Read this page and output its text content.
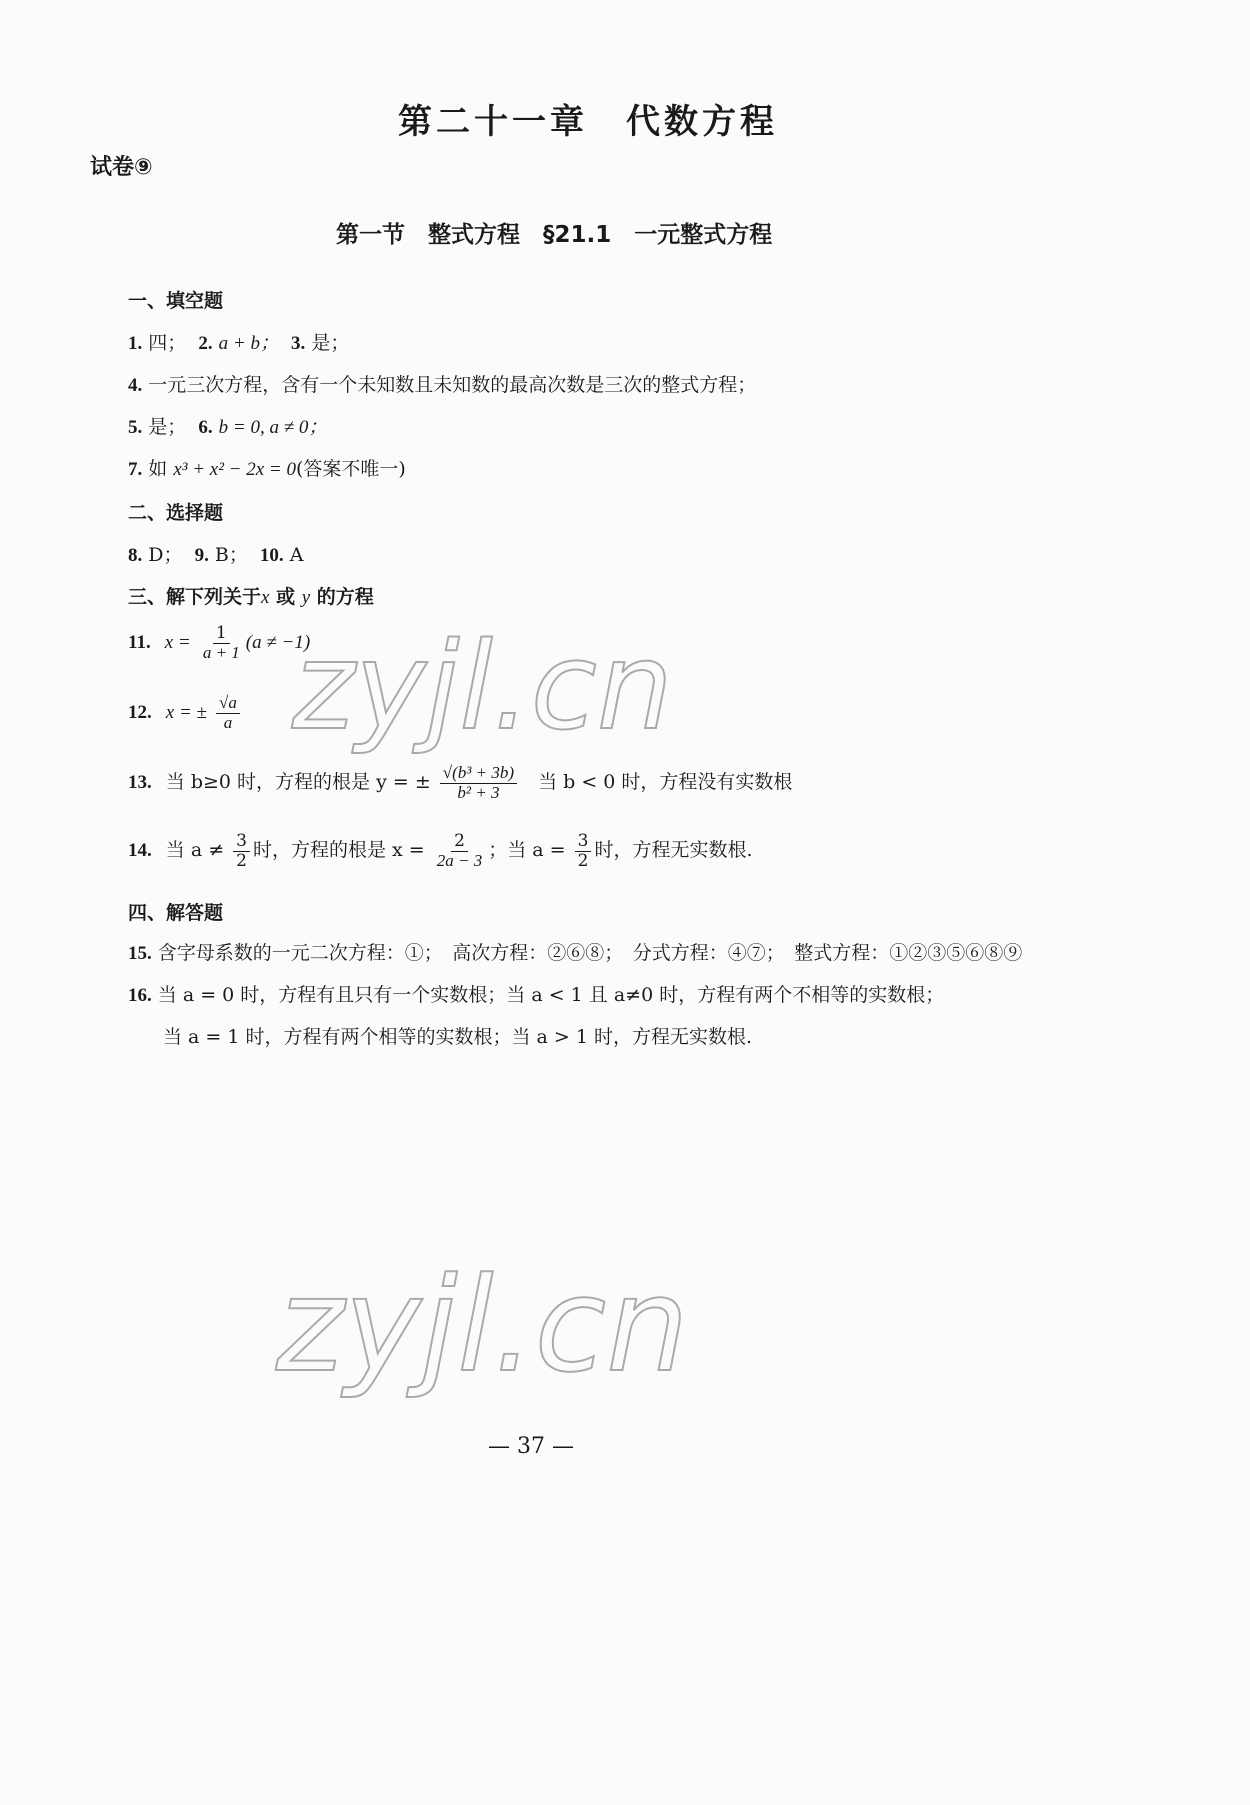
第二十一章　代数方程
试卷⑨
第一节　整式方程　§21.1　一元整式方程
一、填空题
1. 四； 2. a + b； 3. 是；
4. 一元三次方程，含有一个未知数且未知数的最高次数是三次的整式方程；
5. 是； 6. b = 0, a ≠ 0；
7. 如 x³ + x² − 2x = 0(答案不唯一)
二、选择题
8. D； 9. B； 10. A
三、解下列关于x 或 y 的方程
11. $x = \frac{1}{a + 1} (a \ne -1)$
12. x = ± $\frac{√a}{a}$
13. 当 b≥0 时，方程的根是 y = ± $\frac{\text{√(b³ + 3b)}}{\text{b² + 3}}$ 当 b < 0 时，方程没有实数根
14. 当 $a \ne \frac{3}{2}$ 时，方程的根是 $x = \frac{2}{2a - 3}$ ；当 $a = \frac{3}{2}$ 时，方程无实数根.
四、解答题
15. 含字母系数的一元二次方程：①；　高次方程：②⑥⑧；　分式方程：④⑦；　整式方程：①②③⑤⑥⑧⑨
16. 当 a = 0 时，方程有且只有一个实数根；当 a < 1 且 a≠0 时，方程有两个不相等的实数根；
当 a = 1 时，方程有两个相等的实数根；当 a > 1 时，方程无实数根.
zyjl.cn
zyjl.cn
— 37 —
